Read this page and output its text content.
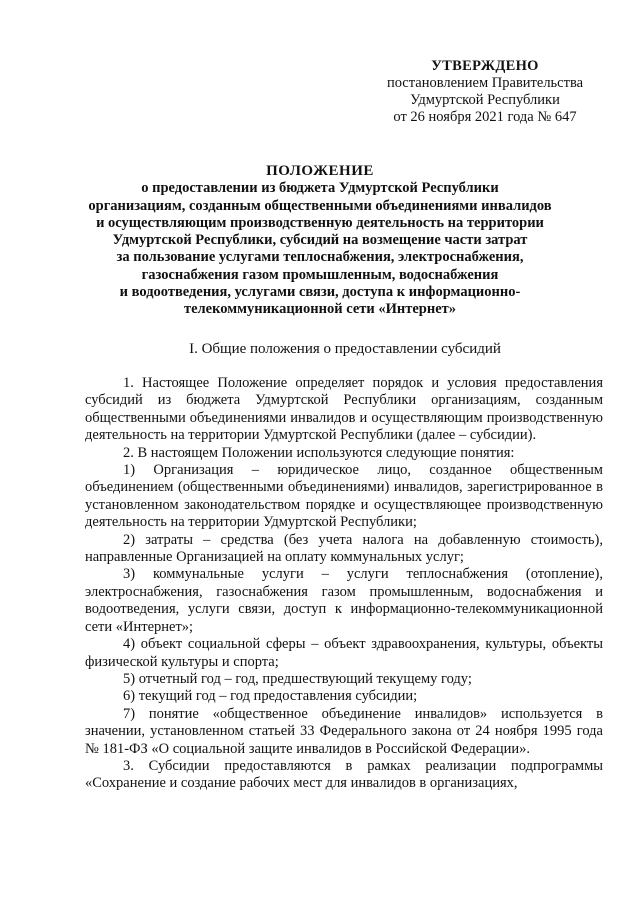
УТВЕРЖДЕНО
постановлением Правительства
Удмуртской Республики
от 26 ноября 2021 года № 647
ПОЛОЖЕНИЕ
о предоставлении из бюджета Удмуртской Республики
организациям, созданным общественными объединениями инвалидов
и осуществляющим производственную деятельность на территории
Удмуртской Республики, субсидий на возмещение части затрат
за пользование услугами теплоснабжения, электроснабжения,
газоснабжения газом промышленным, водоснабжения
и водоотведения, услугами связи, доступа к информационно-
телекоммуникационной сети «Интернет»
I. Общие положения о предоставлении субсидий

1. Настоящее Положение определяет порядок и условия предоставления субсидий из бюджета Удмуртской Республики организациям, созданным общественными объединениями инвалидов и осуществляющим производственную деятельность на территории Удмуртской Республики (далее – субсидии).

2. В настоящем Положении используются следующие понятия:

1) Организация – юридическое лицо, созданное общественным объединением (общественными объединениями) инвалидов, зарегистрированное в установленном законодательством порядке и осуществляющее производственную деятельность на территории Удмуртской Республики;

2) затраты – средства (без учета налога на добавленную стоимость), направленные Организацией на оплату коммунальных услуг;

3) коммунальные услуги – услуги теплоснабжения (отопление), электроснабжения, газоснабжения газом промышленным, водоснабжения и водоотведения, услуги связи, доступ к информационно-телекоммуникационной сети «Интернет»;

4) объект социальной сферы – объект здравоохранения, культуры, объекты физической культуры и спорта;

5) отчетный год – год, предшествующий текущему году;

6) текущий год – год предоставления субсидии;

7) понятие «общественное объединение инвалидов» используется в значении, установленном статьей 33 Федерального закона от 24 ноября 1995 года № 181-ФЗ «О социальной защите инвалидов в Российской Федерации».

3. Субсидии предоставляются в рамках реализации подпрограммы «Сохранение и создание рабочих мест для инвалидов в организациях,
